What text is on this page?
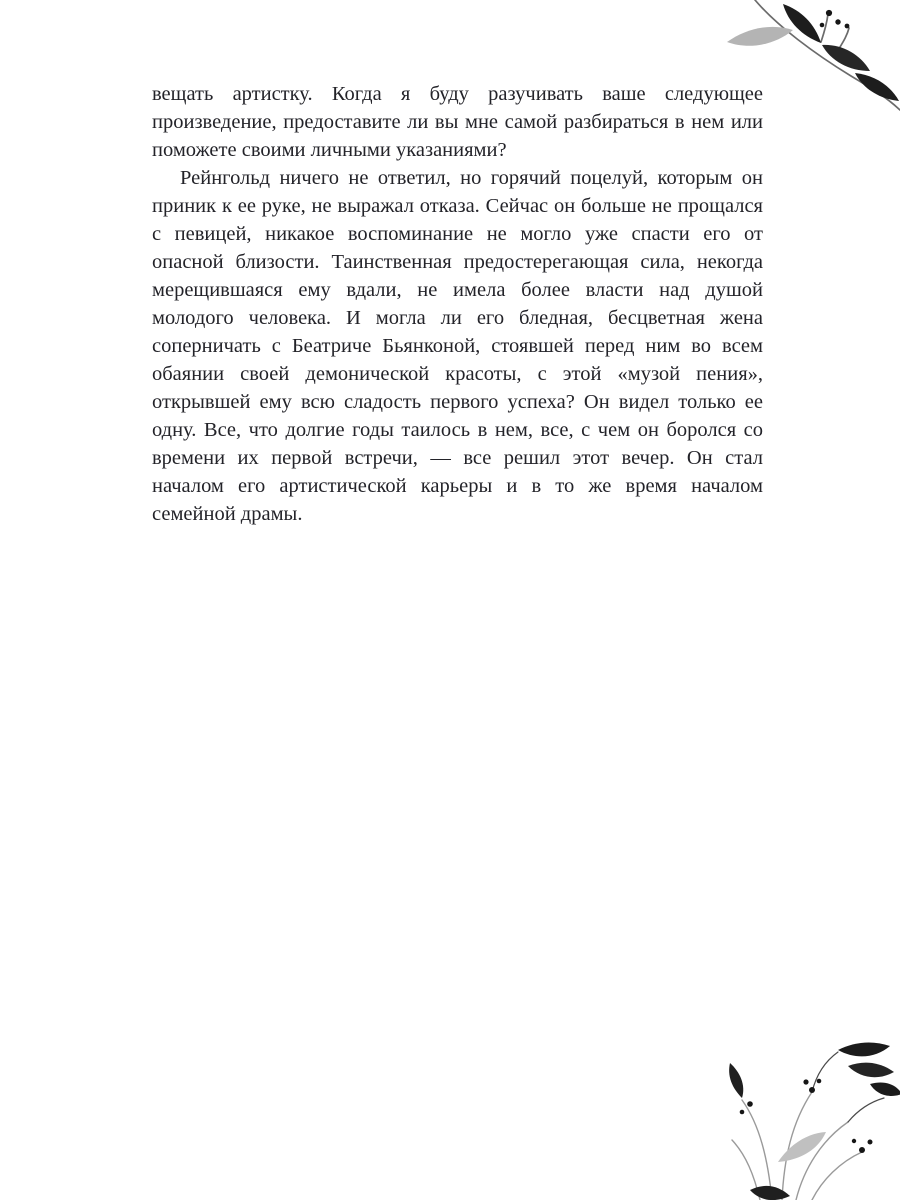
вещать артистку. Когда я буду разучивать ваше следующее произведение, предоставите ли вы мне самой разбираться в нем или поможете своими личными указаниями?

Рейнгольд ничего не ответил, но горячий поцелуй, которым он приник к ее руке, не выражал отказа. Сейчас он больше не прощался с певицей, никакое воспоминание не могло уже спасти его от опасной близости. Таинственная предостерегающая сила, некогда мерещившаяся ему вдали, не имела более власти над душой молодого человека. И могла ли его бледная, бесцветная жена соперничать с Беатриче Бьянконой, стоявшей перед ним во всем обаянии своей демонической красоты, с этой «музой пения», открывшей ему всю сладость первого успеха? Он видел только ее одну. Все, что долгие годы таилось в нем, все, с чем он боролся со времени их первой встречи, — все решил этот вечер. Он стал началом его артистической карьеры и в то же время началом семейной драмы.
